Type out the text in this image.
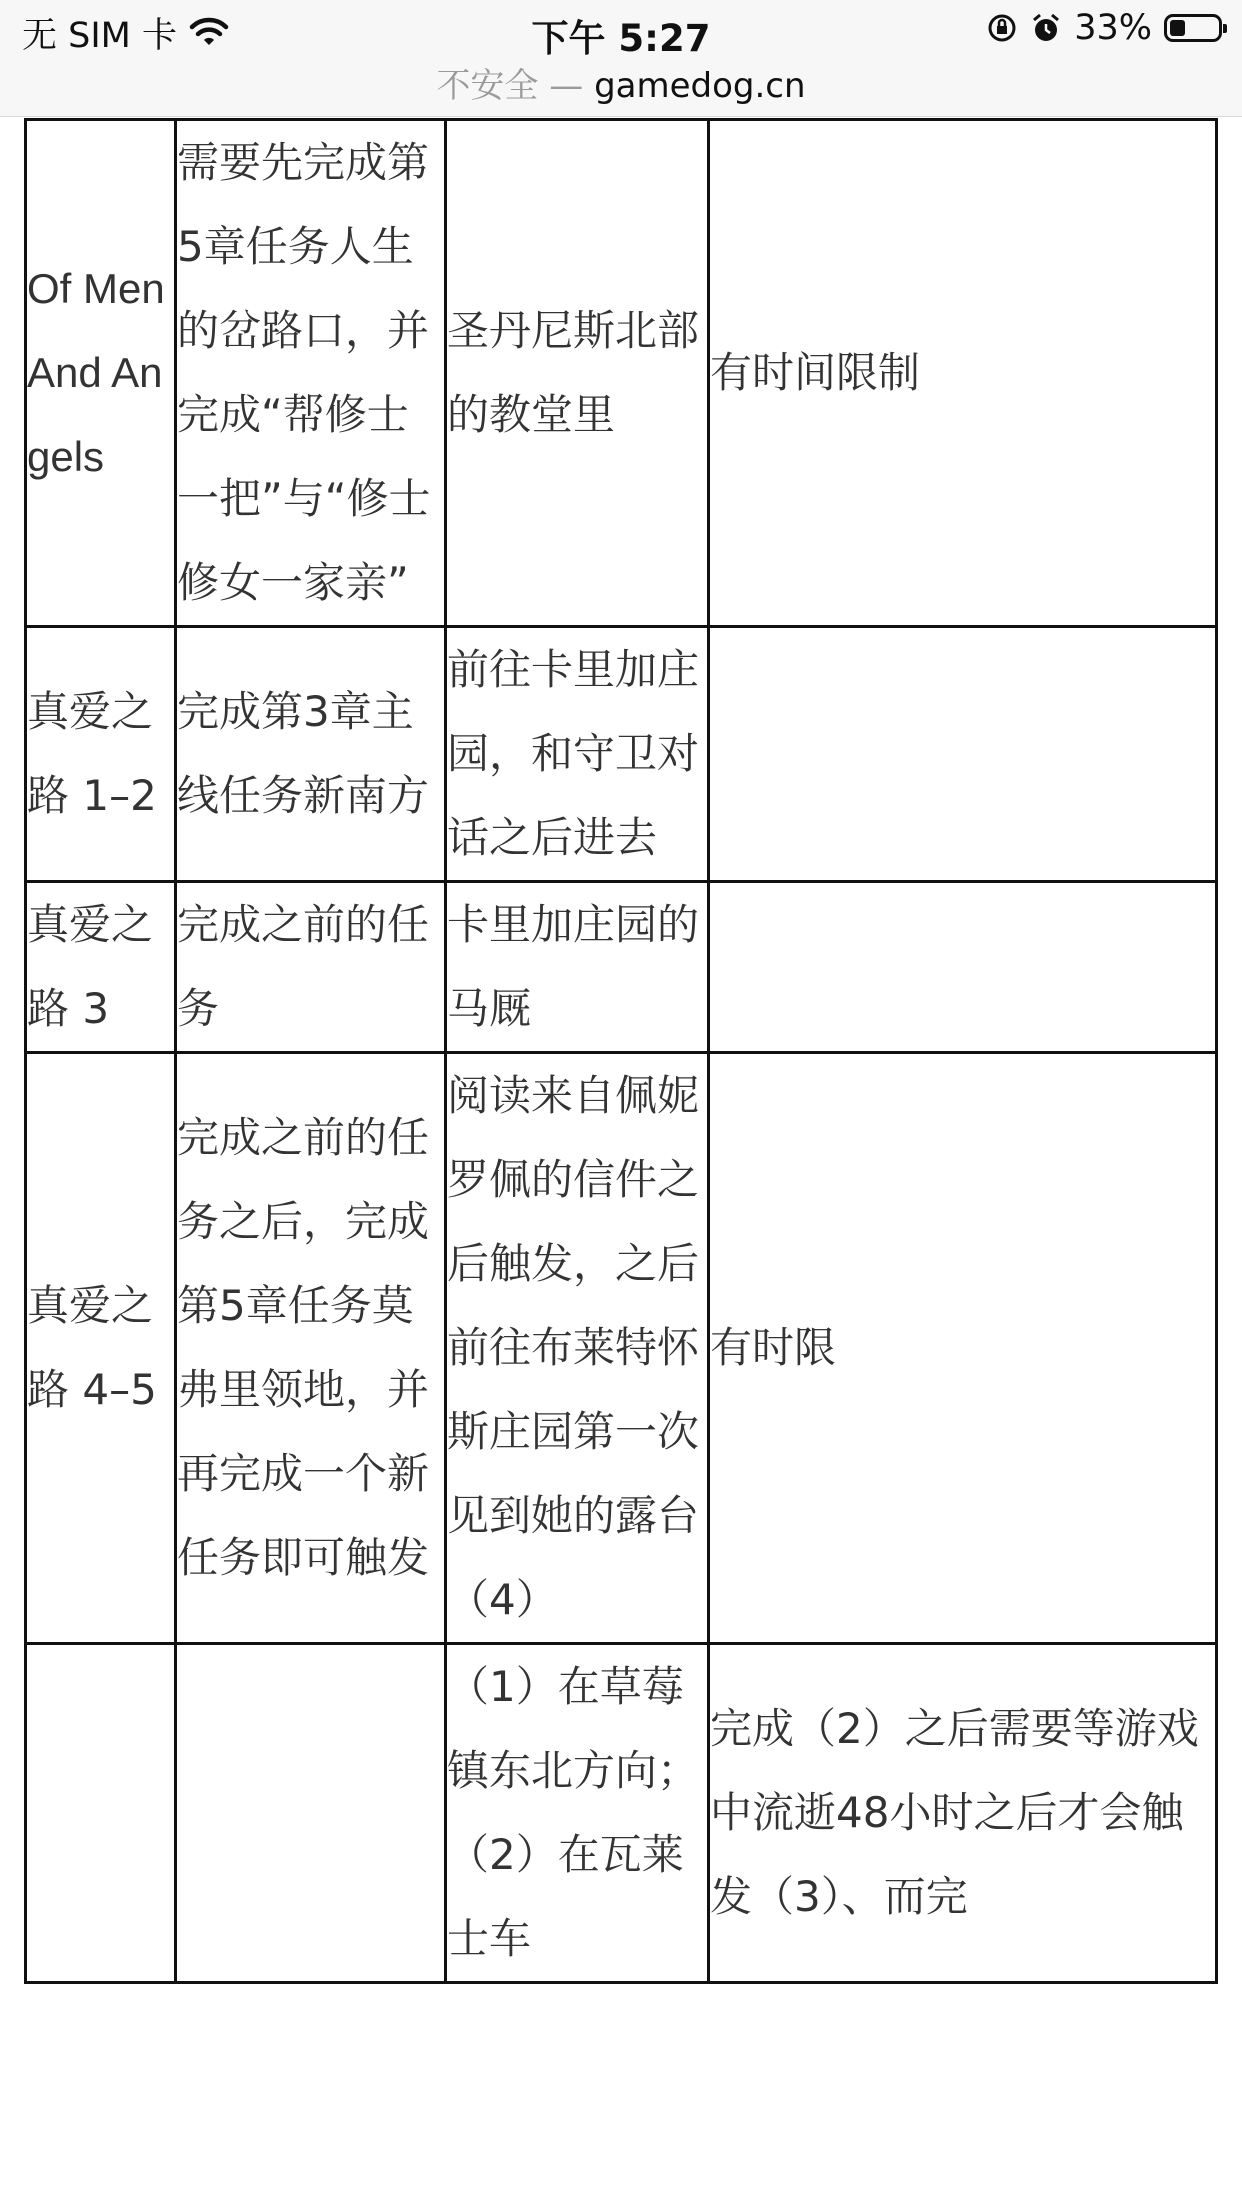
无 SIM 卡	下午 5:27	33%
不安全 — gamedog.cn
Of Men And Angels	需要先完成第5章任务人生的岔路口，并完成“帮修士一把”与“修士修女一家亲”	圣丹尼斯北部的教堂里	有时间限制
真爱之路 1–2	完成第3章主线任务新南方	前往卡里加庄园，和守卫对话之后进去	
真爱之路 3	完成之前的任务	卡里加庄园的马厩	
真爱之路 4–5	完成之前的任务之后，完成第5章任务莫弗里领地，并再完成一个新任务即可触发	阅读来自佩妮罗佩的信件之后触发，之后前往布莱特怀斯庄园第一次见到她的露台（4）	有时限
		（1）在草莓镇东北方向；（2）在瓦莱士车	完成（2）之后需要等游戏中流逝48小时之后才会触发（3）、而完
